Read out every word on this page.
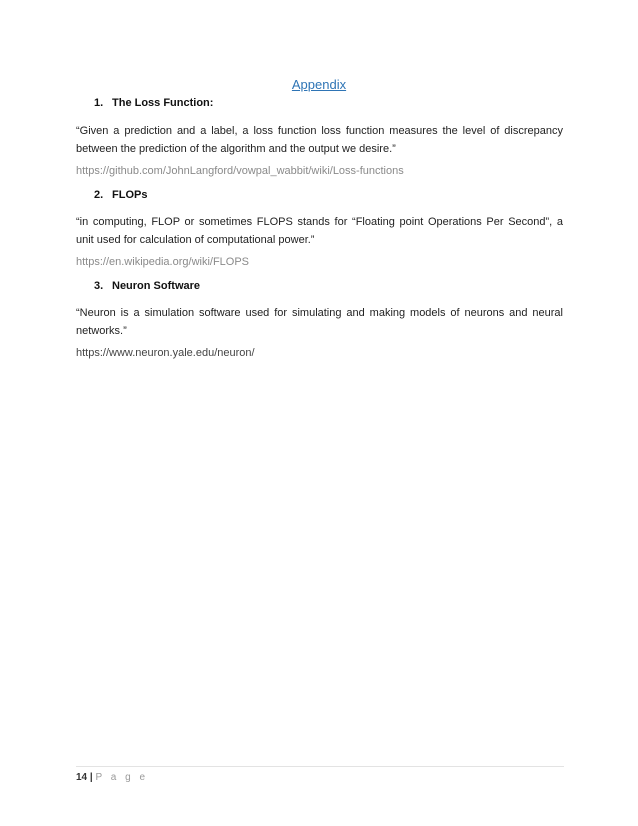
Appendix
1. The Loss Function:
“Given a prediction and a label, a loss function loss function measures the level of discrepancy between the prediction of the algorithm and the output we desire.”
https://github.com/JohnLangford/vowpal_wabbit/wiki/Loss-functions
2. FLOPs
“in computing, FLOP or sometimes FLOPS stands for “Floating point Operations Per Second”, a unit used for calculation of computational power.”
https://en.wikipedia.org/wiki/FLOPS
3. Neuron Software
“Neuron is a simulation software used for simulating and making models of neurons and neural networks.”
https://www.neuron.yale.edu/neuron/
14 | P a g e
